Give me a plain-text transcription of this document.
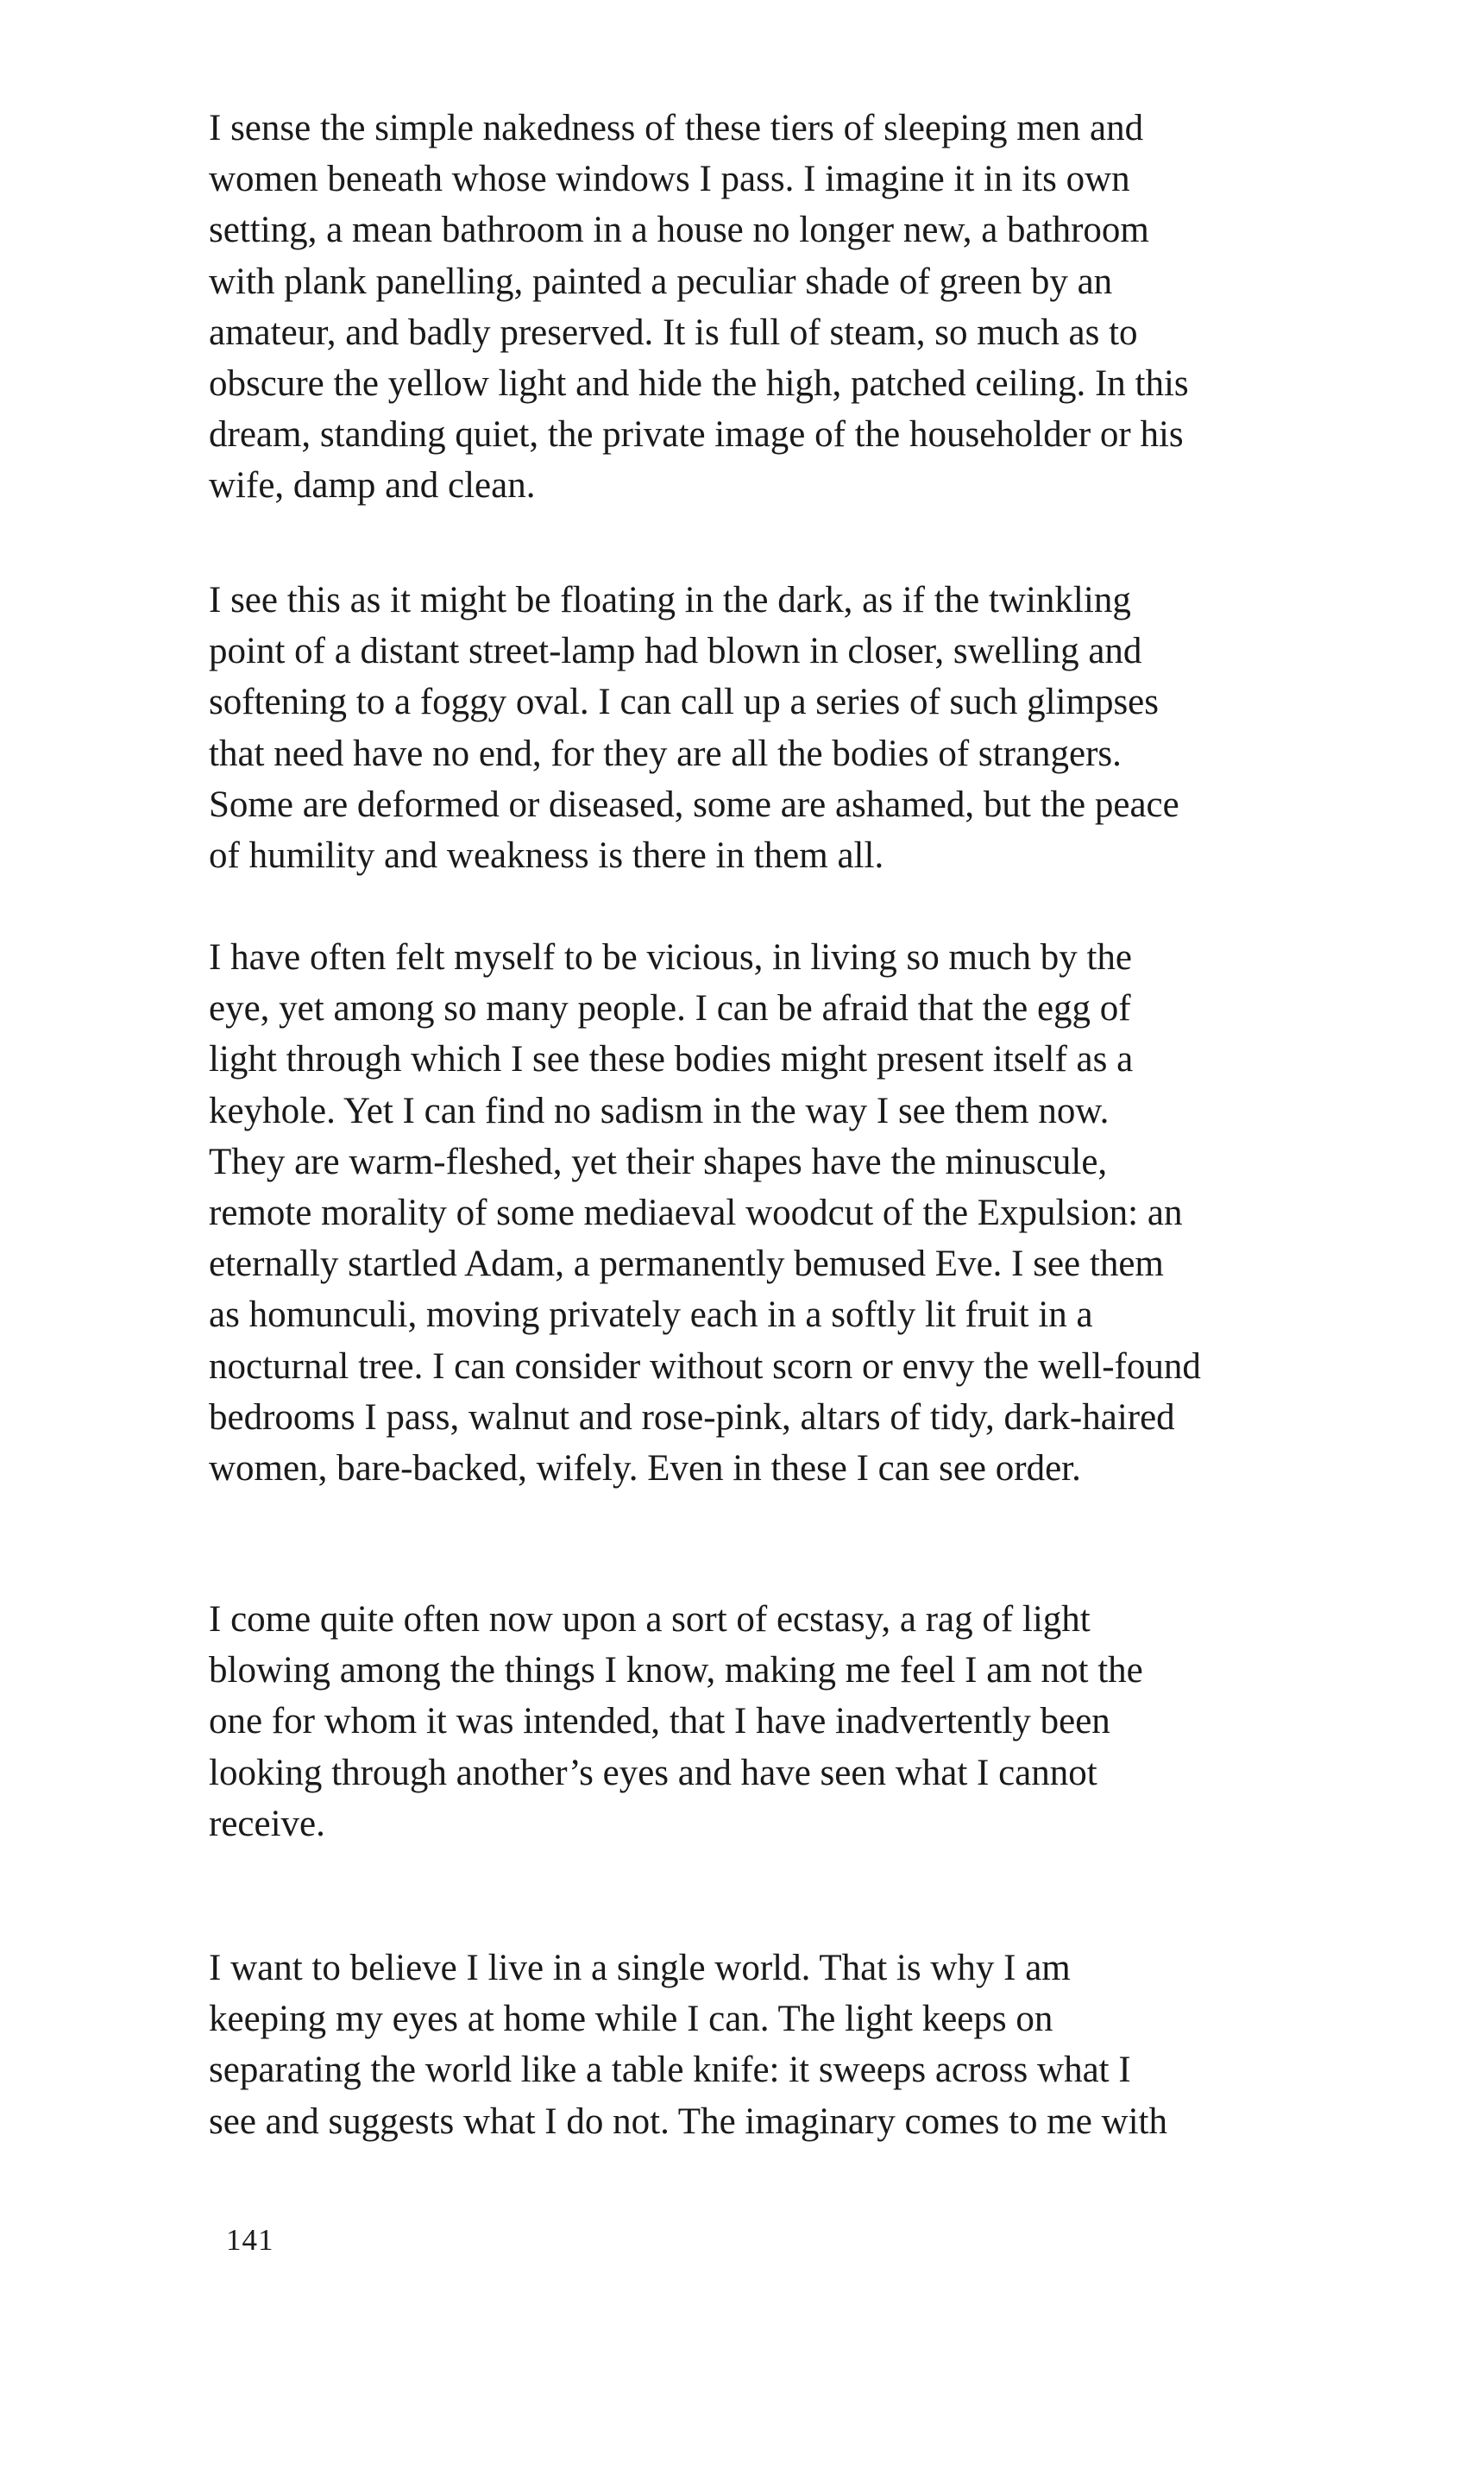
I sense the simple nakedness of these tiers of sleeping men and

women beneath whose windows I pass. I imagine it in its own

setting, a mean bathroom in a house no longer new, a bathroom

with plank panelling, painted a peculiar shade of green by an

amateur, and badly preserved. It is full of steam, so much as to

obscure the yellow light and hide the high, patched ceiling. In this

dream, standing quiet, the private image of the householder or his

wife, damp and clean.

I see this as it might be floating in the dark, as if the twinkling

point of a distant street-lamp had blown in closer, swelling and

softening to a foggy oval. I can call up a series of such glimpses

that need have no end, for they are all the bodies of strangers.

Some are deformed or diseased, some are ashamed, but the peace

of humility and weakness is there in them all.

I have often felt myself to be vicious, in living so much by the

eye, yet among so many people. I can be afraid that the egg of

light through which I see these bodies might present itself as a

keyhole. Yet I can find no sadism in the way I see them now.

They are warm-fleshed, yet their shapes have the minuscule,

remote morality of some mediaeval woodcut of the Expulsion: an

eternally startled Adam, a permanently bemused Eve. I see them

as homunculi, moving privately each in a softly lit fruit in a

nocturnal tree. I can consider without scorn or envy the well-found

bedrooms I pass, walnut and rose-pink, altars of tidy, dark-haired

women, bare-backed, wifely. Even in these I can see order.

I come quite often now upon a sort of ecstasy, a rag of light

blowing among the things I know, making me feel I am not the

one for whom it was intended, that I have inadvertently been

looking through another’s eyes and have seen what I cannot

receive.

I want to believe I live in a single world. That is why I am

keeping my eyes at home while I can. The light keeps on

separating the world like a table knife: it sweeps across what I

see and suggests what I do not. The imaginary comes to me with

141
